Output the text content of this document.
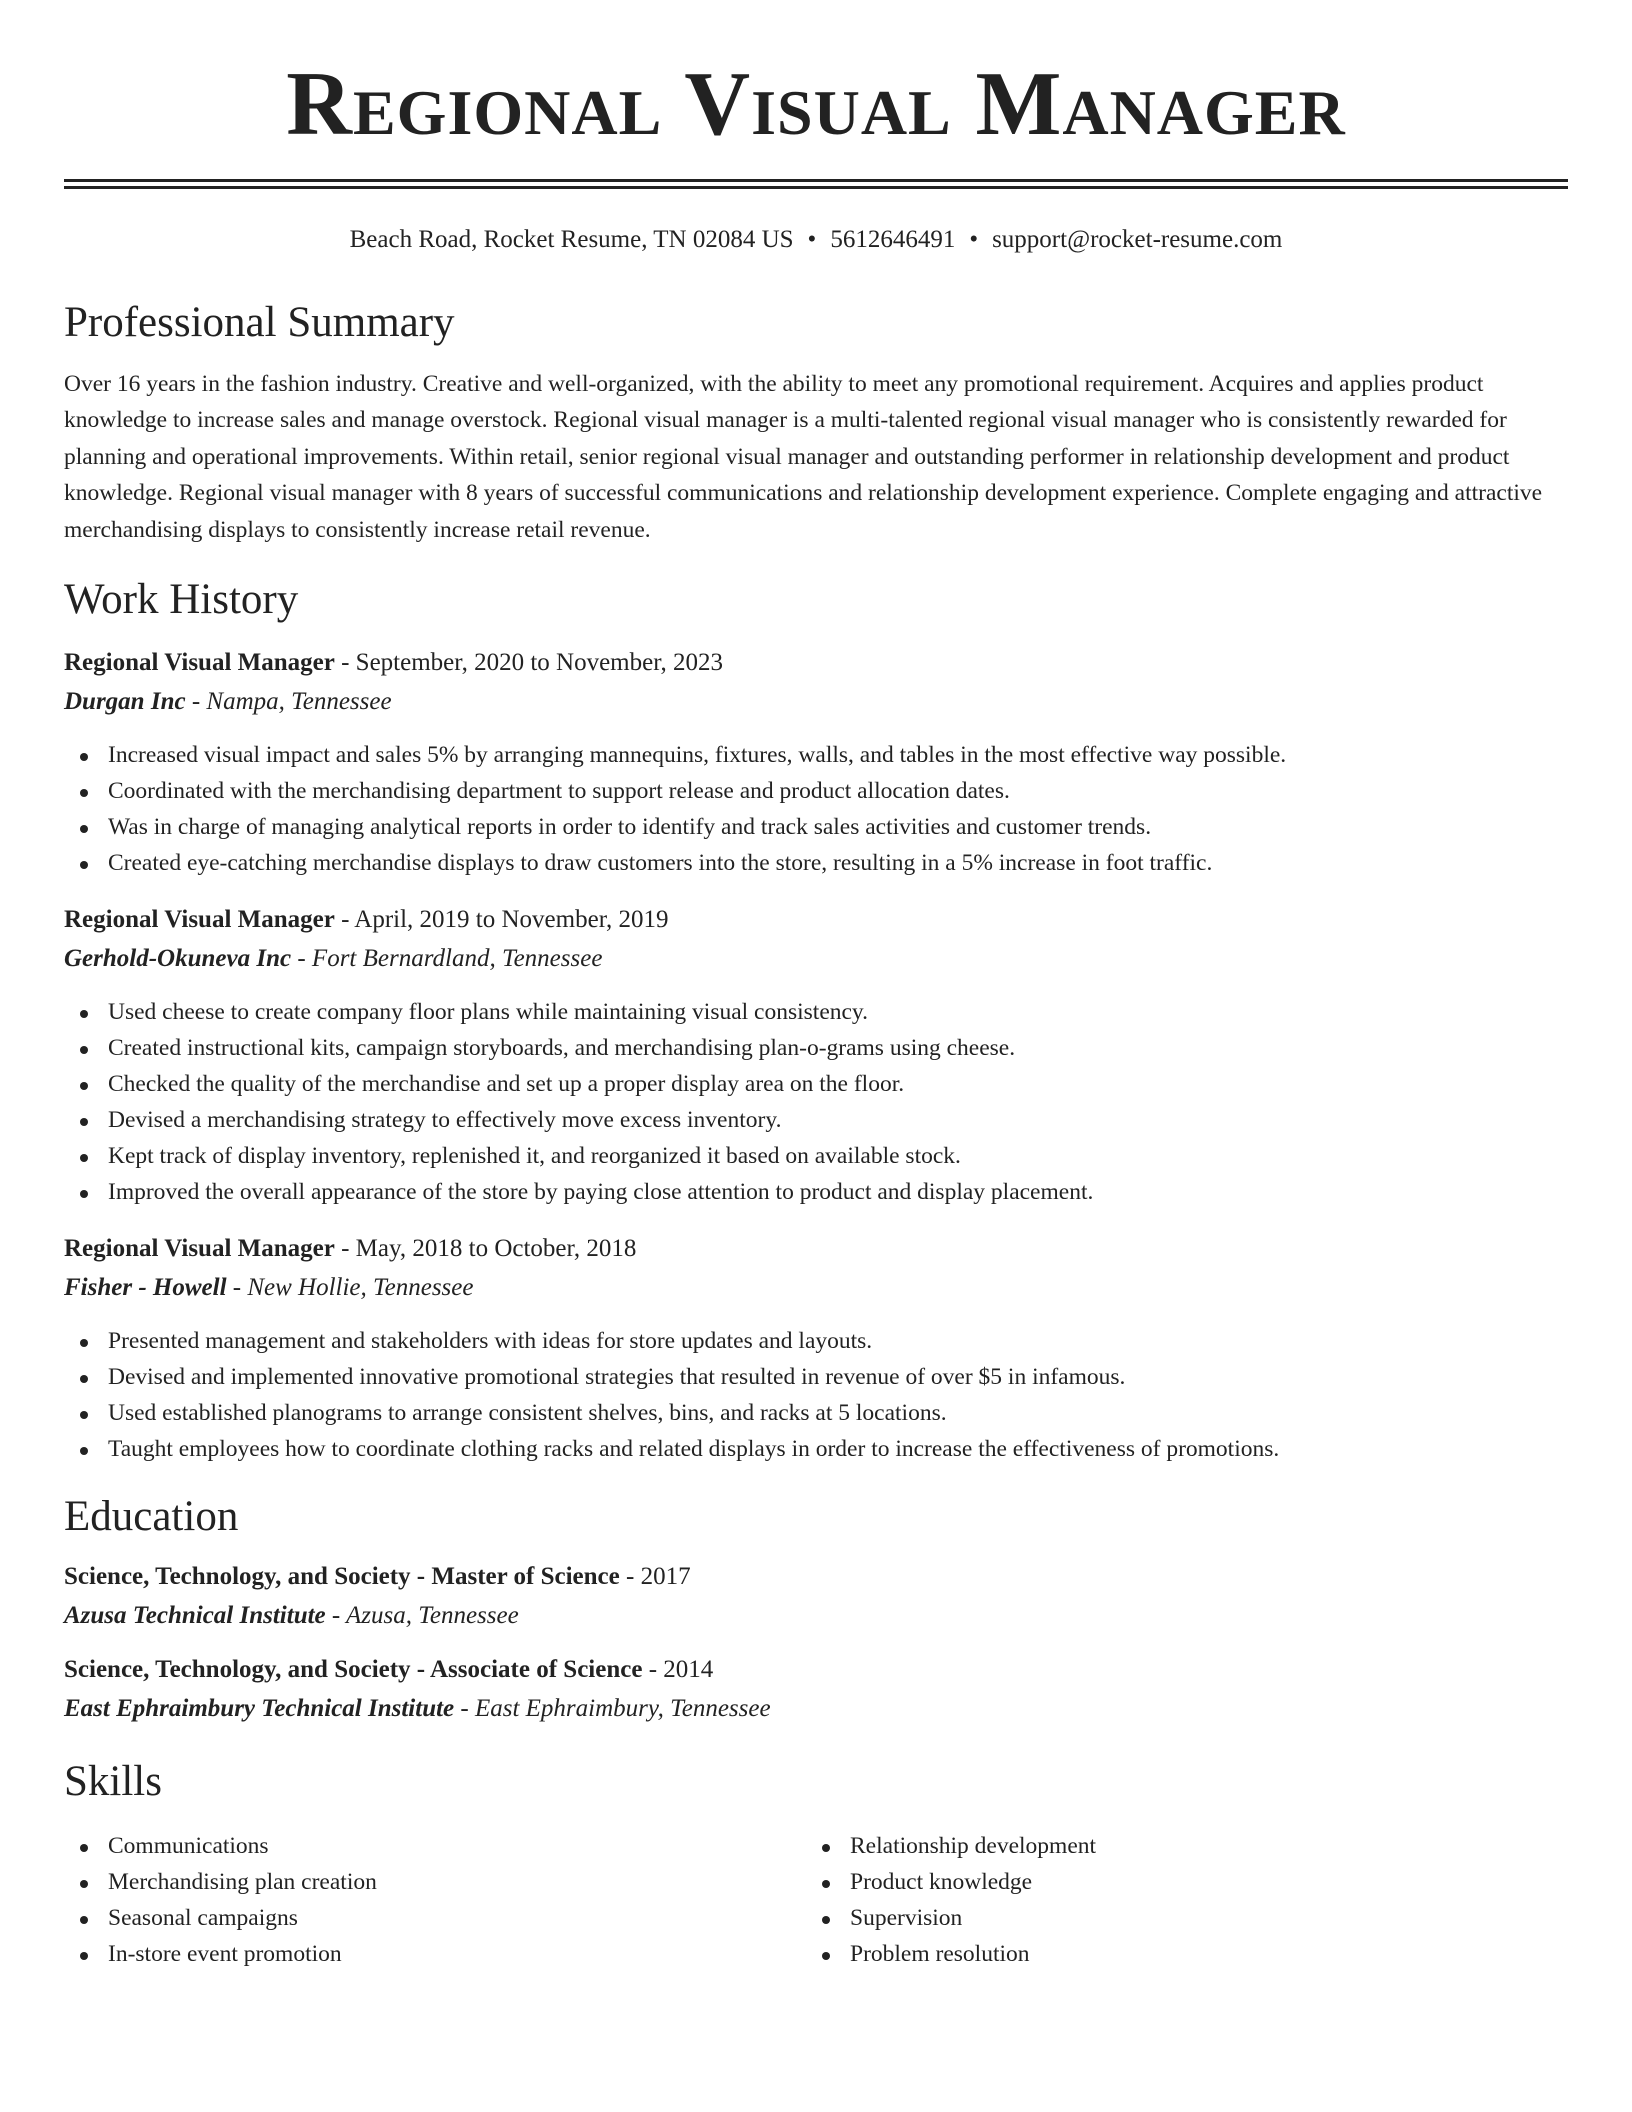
Regional Visual Manager
Beach Road, Rocket Resume, TN 02084 US • 5612646491 • support@rocket-resume.com
Professional Summary

Over 16 years in the fashion industry. Creative and well-organized, with the ability to meet any promotional requirement. Acquires and applies product knowledge to increase sales and manage overstock. Regional visual manager is a multi-talented regional visual manager who is consistently rewarded for planning and operational improvements. Within retail, senior regional visual manager and outstanding performer in relationship development and product knowledge. Regional visual manager with 8 years of successful communications and relationship development experience. Complete engaging and attractive merchandising displays to consistently increase retail revenue.

Work History
Regional Visual Manager - September, 2020 to November, 2023
Durgan Inc - Nampa, Tennessee
Increased visual impact and sales 5% by arranging mannequins, fixtures, walls, and tables in the most effective way possible.
Coordinated with the merchandising department to support release and product allocation dates.
Was in charge of managing analytical reports in order to identify and track sales activities and customer trends.
Created eye-catching merchandise displays to draw customers into the store, resulting in a 5% increase in foot traffic.
Regional Visual Manager - April, 2019 to November, 2019
Gerhold-Okuneva Inc - Fort Bernardland, Tennessee
Used cheese to create company floor plans while maintaining visual consistency.
Created instructional kits, campaign storyboards, and merchandising plan-o-grams using cheese.
Checked the quality of the merchandise and set up a proper display area on the floor.
Devised a merchandising strategy to effectively move excess inventory.
Kept track of display inventory, replenished it, and reorganized it based on available stock.
Improved the overall appearance of the store by paying close attention to product and display placement.
Regional Visual Manager - May, 2018 to October, 2018
Fisher - Howell - New Hollie, Tennessee
Presented management and stakeholders with ideas for store updates and layouts.
Devised and implemented innovative promotional strategies that resulted in revenue of over $5 in infamous.
Used established planograms to arrange consistent shelves, bins, and racks at 5 locations.
Taught employees how to coordinate clothing racks and related displays in order to increase the effectiveness of promotions.
Education
Science, Technology, and Society - Master of Science - 2017
Azusa Technical Institute - Azusa, Tennessee
Science, Technology, and Society - Associate of Science - 2014
East Ephraimbury Technical Institute - East Ephraimbury, Tennessee
Skills
Communications
Merchandising plan creation
Seasonal campaigns
In-store event promotion
Relationship development
Product knowledge
Supervision
Problem resolution
